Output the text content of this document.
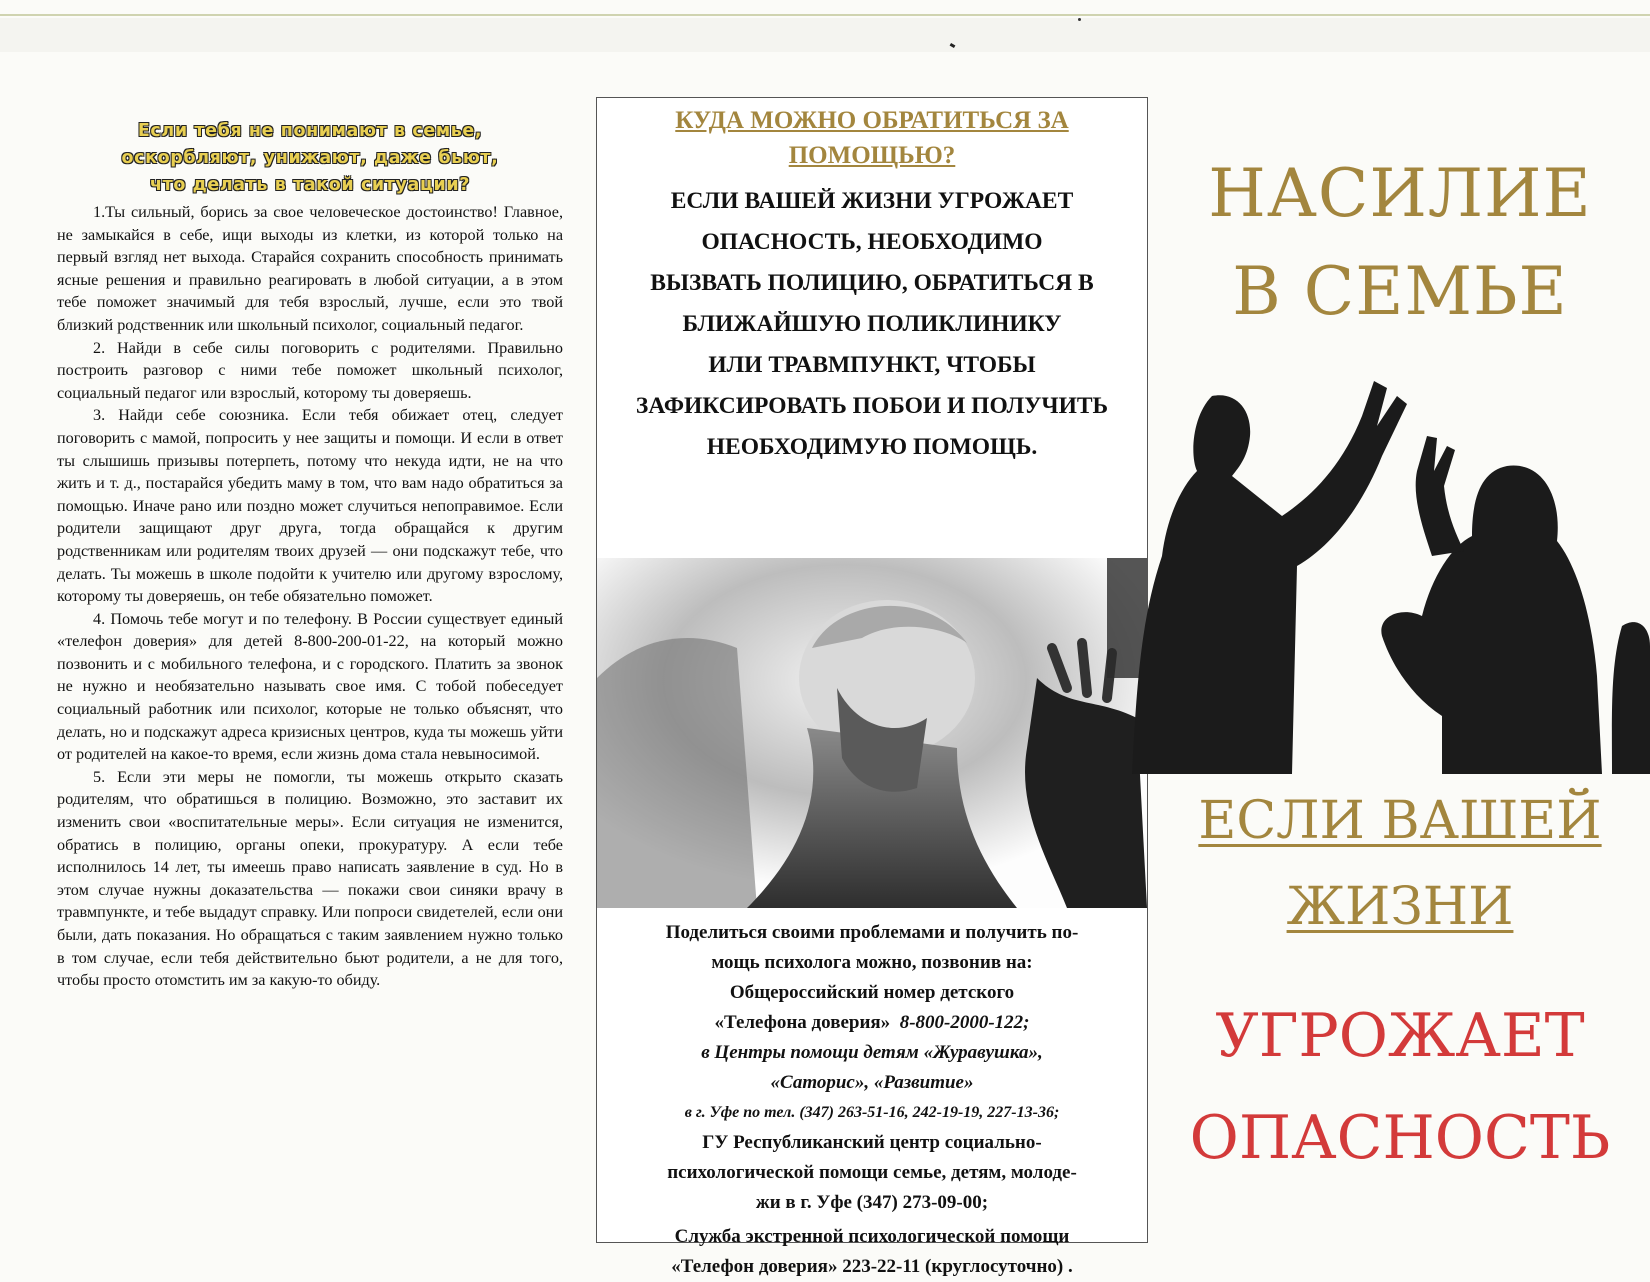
Если тебя не понимают в семье,
оскорбляют, унижают, даже бьют,
что делать в такой ситуации?

1.Ты сильный, борись за свое человеческое достоинство! Главное, не замыкайся в себе, ищи выходы из клетки, из которой только на первый взгляд нет выхода. Старайся сохранить способность принимать ясные решения и правильно реагировать в любой ситуации, а в этом тебе поможет значимый для тебя взрослый, лучше, если это твой близкий родственник или школьный психолог, социальный педагог.

2. Найди в себе силы поговорить с родителями. Правильно построить разговор с ними тебе поможет школьный психолог, социальный педагог или взрослый, которому ты доверяешь.

3. Найди себе союзника. Если тебя обижает отец, следует поговорить с мамой, попросить у нее защиты и помощи. И если в ответ ты слышишь призывы потерпеть, потому что некуда идти, не на что жить и т. д., постарайся убедить маму в том, что вам надо обратиться за помощью. Иначе рано или поздно может случиться непоправимое. Если родители защищают друг друга, тогда обращайся к другим родственникам или родителям твоих друзей — они подскажут тебе, что делать. Ты можешь в школе подойти к учителю или другому взрослому, которому ты доверяешь, он тебе обязательно поможет.

4. Помочь тебе могут и по телефону. В России существует единый «телефон доверия» для детей 8-800-200-01-22, на который можно позвонить и с мобильного телефона, и с городского. Платить за звонок не нужно и необязательно называть свое имя. С тобой побеседует социальный работник или психолог, которые не только объяснят, что делать, но и подскажут адреса кризисных центров, куда ты можешь уйти от родителей на какое-то время, если жизнь дома стала невыносимой.

5. Если эти меры не помогли, ты можешь открыто сказать родителям, что обратишься в полицию. Возможно, это заставит их изменить свои «воспитательные меры». Если ситуация не изменится, обратись в полицию, органы опеки, прокуратуру. А если тебе исполнилось 14 лет, ты имеешь право написать заявление в суд. Но в этом случае нужны доказательства — покажи свои синяки врачу в травмпункте, и тебе выдадут справку. Или попроси свидетелей, если они были, дать показания. Но обращаться с таким заявлением нужно только в том случае, если тебя действительно бьют родители, а не для того, чтобы просто отомстить им за какую-то обиду.

КУДА МОЖНО ОБРАТИТЬСЯ ЗА
ПОМОЩЬЮ?
ЕСЛИ ВАШЕЙ ЖИЗНИ УГРОЖАЕТ
ОПАСНОСТЬ, НЕОБХОДИМО
ВЫЗВАТЬ ПОЛИЦИЮ, ОБРАТИТЬСЯ В
БЛИЖАЙШУЮ ПОЛИКЛИНИКУ
ИЛИ ТРАВМПУНКТ, ЧТОБЫ
ЗАФИКСИРОВАТЬ ПОБОИ И ПОЛУЧИТЬ
НЕОБХОДИМУЮ ПОМОЩЬ.
Поделиться своими проблемами и получить по-
мощь психолога можно, позвонив на:
Общероссийский номер детского
«Телефона доверия» 8-800-2000-122;
в Центры помощи детям «Журавушка»,
«Саторис», «Развитие»
в г. Уфе по тел. (347) 263-51-16, 242-19-19, 227-13-36;
ГУ Республиканский центр социально-
психологической помощи семье, детям, молоде-
жи в г. Уфе (347) 273-09-00;
Служба экстренной психологической помощи
«Телефон доверия» 223-22-11 (круглосуточно) .
НАСИЛИЕ
В СЕМЬЕ
ЕСЛИ ВАШЕЙ
ЖИЗНИ
УГРОЖАЕТ
ОПАСНОСТЬ
